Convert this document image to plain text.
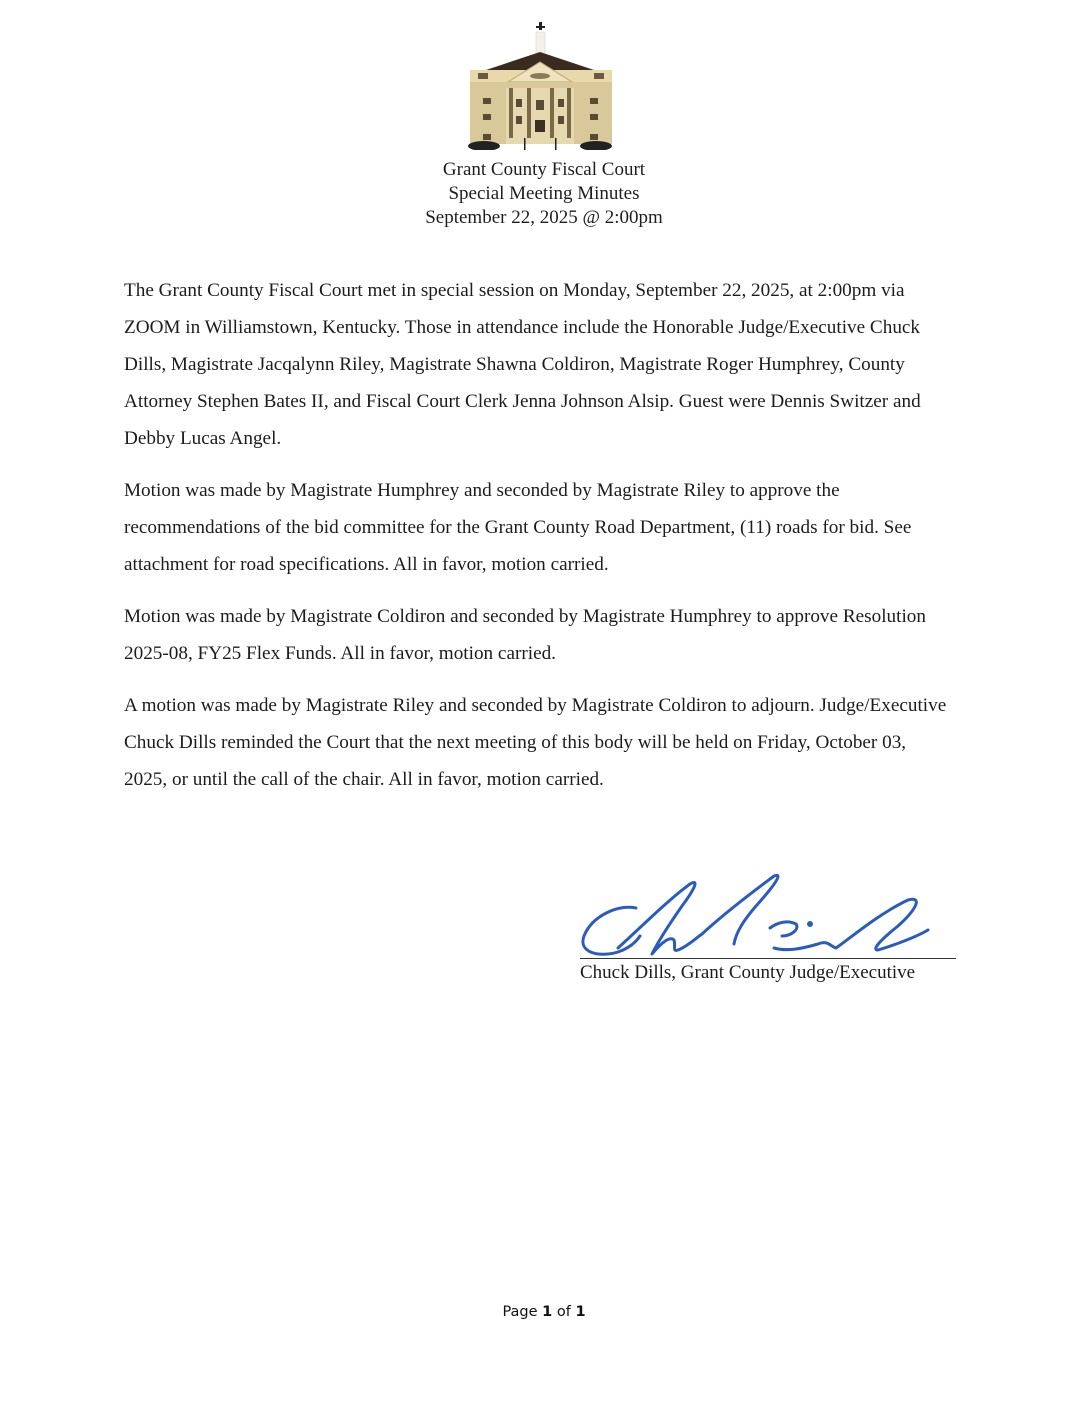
Grant County Fiscal Court
Special Meeting Minutes
September 22, 2025 @ 2:00pm

The Grant County Fiscal Court met in special session on Monday, September 22, 2025, at 2:00pm via ZOOM in Williamstown, Kentucky. Those in attendance include the Honorable Judge/Executive Chuck Dills, Magistrate Jacqalynn Riley, Magistrate Shawna Coldiron, Magistrate Roger Humphrey, County Attorney Stephen Bates II, and Fiscal Court Clerk Jenna Johnson Alsip. Guest were Dennis Switzer and Debby Lucas Angel.

Motion was made by Magistrate Humphrey and seconded by Magistrate Riley to approve the recommendations of the bid committee for the Grant County Road Department, (11) roads for bid. See attachment for road specifications. All in favor, motion carried.

Motion was made by Magistrate Coldiron and seconded by Magistrate Humphrey to approve Resolution 2025-08, FY25 Flex Funds. All in favor, motion carried.

A motion was made by Magistrate Riley and seconded by Magistrate Coldiron to adjourn. Judge/Executive Chuck Dills reminded the Court that the next meeting of this body will be held on Friday, October 03, 2025, or until the call of the chair. All in favor, motion carried.

Chuck Dills, Grant County Judge/Executive
Page 1 of 1
